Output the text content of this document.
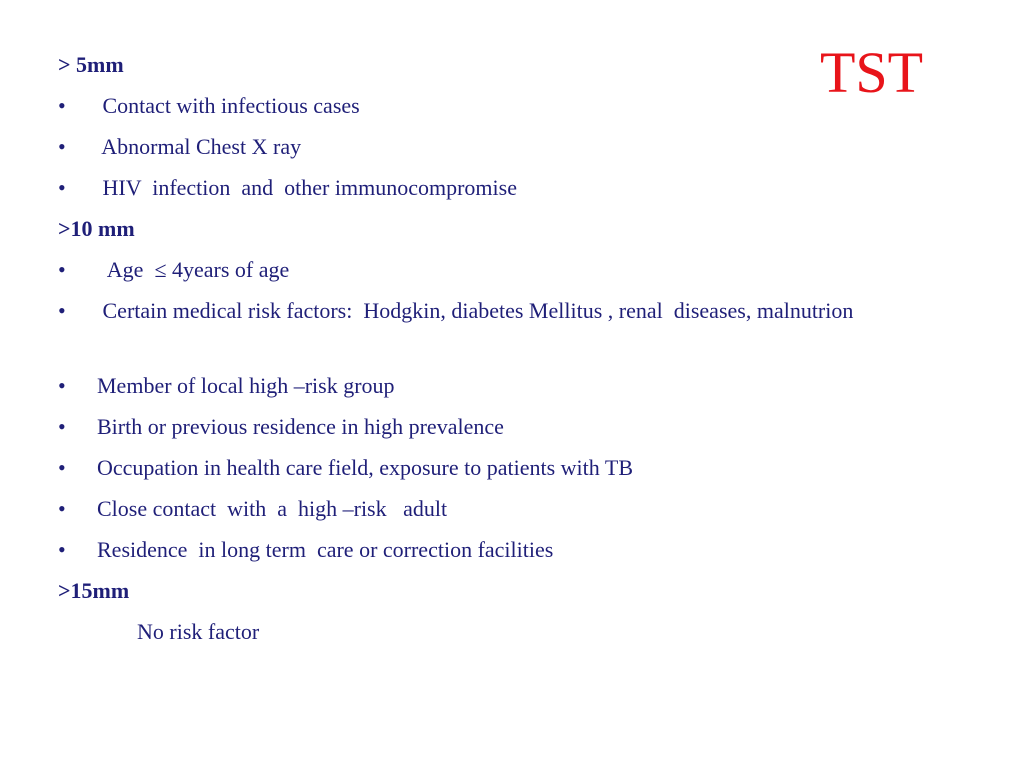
TST
> 5mm
•	Contact with infectious cases
•	Abnormal Chest X ray
•	HIV  infection  and  other immunocompromise
>10 mm
•	Age  ≤ 4years of age
•	Certain medical risk factors:  Hodgkin, diabetes Mellitus , renal  diseases, malnutrion
•	Member of local high –risk group
•	Birth or previous residence in high prevalence
•	Occupation in health care field, exposure to patients with TB
•	Close contact  with  a  high –risk   adult
•	Residence  in long term  care or correction facilities
>15mm
No risk factor
